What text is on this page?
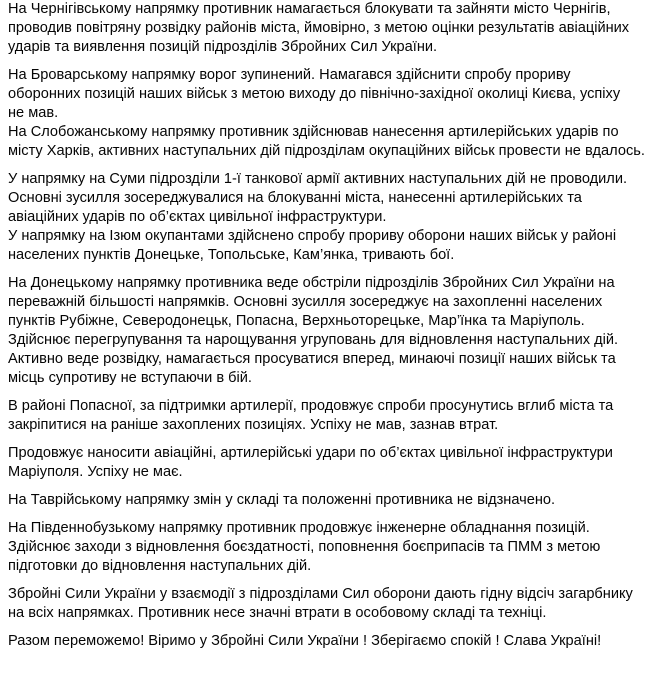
На Чернігівському напрямку противник намагається блокувати та зайняти місто Чернігів,
проводив повітряну розвідку районів міста, ймовірно, з метою оцінки результатів авіаційних
ударів та виявлення позицій підрозділів Збройних Сил України.

На Броварському напрямку ворог зупинений. Намагався здійснити спробу прориву
оборонних позицій наших військ з метою виходу до північно-західної околиці Києва, успіху
не мав.

На Слобожанському напрямку противник здійснював нанесення артилерійських ударів по
місту Харків, активних наступальних дій підрозділам окупаційних військ провести не вдалось.

У напрямку на Суми підрозділи 1-ї танкової армії активних наступальних дій не проводили.
Основні зусилля зосереджувалися на блокуванні міста, нанесенні артилерійських та
авіаційних ударів по об’єктах цивільної інфраструктури.

У напрямку на Ізюм окупантами здійснено спробу прориву оборони наших військ у районі
населених пунктів Донецьке, Топольське, Кам’янка, тривають бої.

На Донецькому напрямку противника веде обстріли підрозділів Збройних Сил України на
переважній більшості напрямків. Основні зусилля зосереджує на захопленні населених
пунктів Рубіжне, Северодонецьк, Попасна, Верхньоторецьке, Мар’їнка та Маріуполь.
Здійснює перегрупування та нарощування угруповань для відновлення наступальних дій.
Активно веде розвідку, намагається просуватися вперед, минаючі позиції наших військ та
місць супротиву не вступаючи в бій.

В районі Попасної, за підтримки артилерії, продовжує спроби просунутись вглиб міста та
закріпитися на раніше захоплених позиціях. Успіху не мав, зазнав втрат.

Продовжує наносити авіаційні, артилерійські удари по об’єктах цивільної інфраструктури
Маріуполя. Успіху не має.

На Таврійському напрямку змін у складі та положенні противника не відзначено.

На Південнобузькому напрямку противник продовжує інженерне обладнання позицій.
Здійснює заходи з відновлення боєздатності, поповнення боєприпасів та ПММ з метою
підготовки до відновлення наступальних дій.

Збройні Сили України у взаємодії з підрозділами Сил оборони дають гідну відсіч загарбнику
на всіх напрямках. Противник несе значні втрати в особовому складі та техніці.

Разом переможемо! Віримо у Збройні Сили України ! Зберігаємо спокій ! Слава Україні!
